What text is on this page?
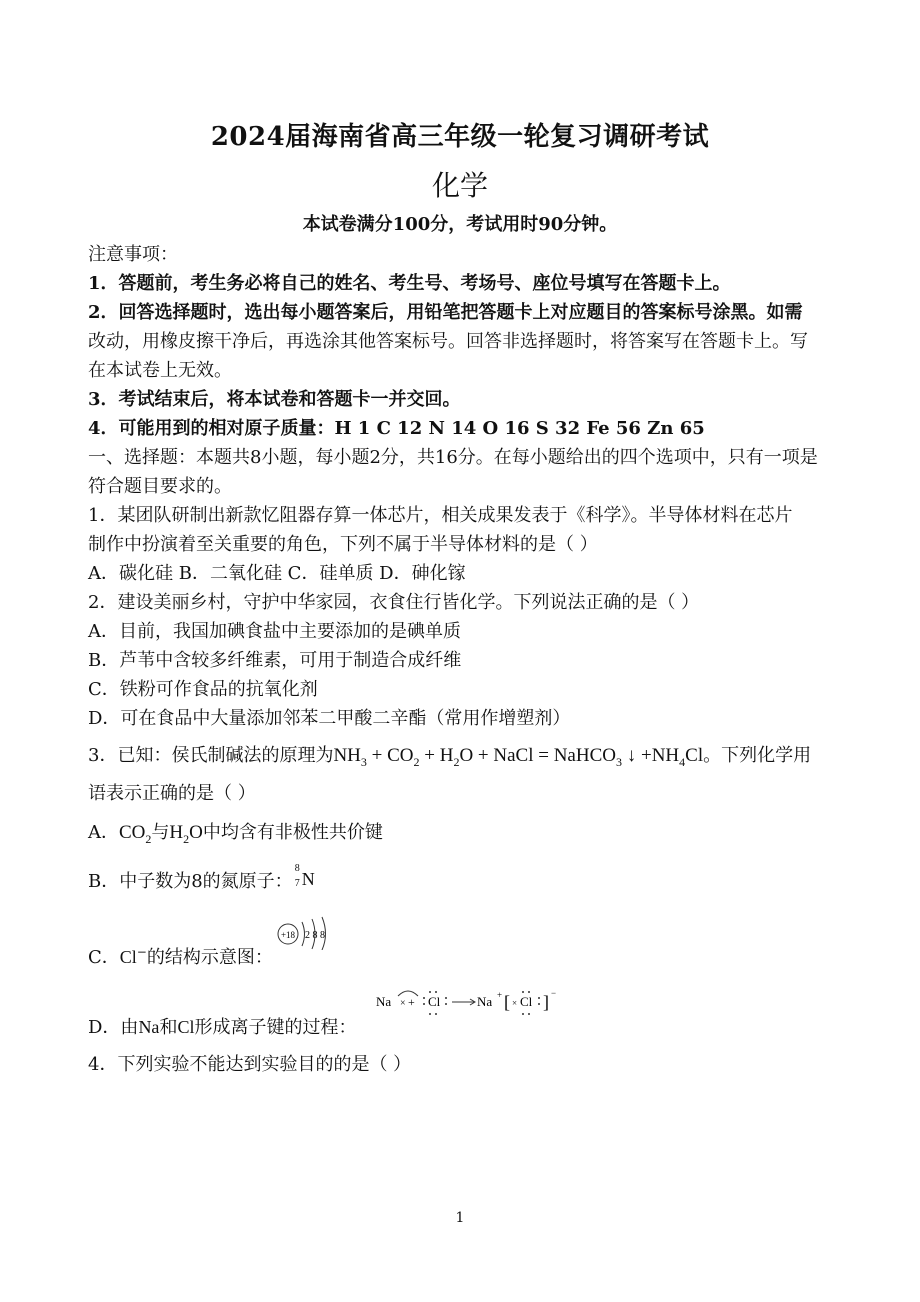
2024届海南省高三年级一轮复习调研考试
化学
本试卷满分100分，考试用时90分钟。
注意事项：
1．答题前，考生务必将自己的姓名、考生号、考场号、座位号填写在答题卡上。
2．回答选择题时，选出每小题答案后，用铅笔把答题卡上对应题目的答案标号涂黑。如需
改动，用橡皮擦干净后，再选涂其他答案标号。回答非选择题时，将答案写在答题卡上。写
在本试卷上无效。
3．考试结束后，将本试卷和答题卡一并交回。
4．可能用到的相对原子质量：H 1 C 12 N 14 O 16 S 32 Fe 56 Zn 65
一、选择题：本题共8小题，每小题2分，共16分。在每小题给出的四个选项中，只有一项是
符合题目要求的。
1．某团队研制出新款忆阻器存算一体芯片，相关成果发表于《科学》。半导体材料在芯片
制作中扮演着至关重要的角色，下列不属于半导体材料的是（ ）
A．碳化硅 B．二氧化硅 C．硅单质 D．砷化镓
2．建设美丽乡村，守护中华家园，衣食住行皆化学。下列说法正确的是（ ）
A．目前，我国加碘食盐中主要添加的是碘单质
B．芦苇中含较多纤维素，可用于制造合成纤维
C．铁粉可作食品的抗氧化剂
D．可在食品中大量添加邻苯二甲酸二辛酯（常用作增塑剂）
3．已知：侯氏制碱法的原理为$NH_3 + CO_2 + H_2O$ + NaCl = NaHCO$_3$ ↓ $+NH_4Cl$。下列化学用
语表示正确的是（ ）
A．$CO_2$与$H_2O$中均含有非极性共价键
B．中子数为8的氮原子：
8
7 N
C．Cl−的结构示意图：
+18 2 8 8
Na × + Cl	Na + [ × Cl ] −
D．由Na和Cl形成离子键的过程：
4．下列实验不能达到实验目的的是（ ）
1
